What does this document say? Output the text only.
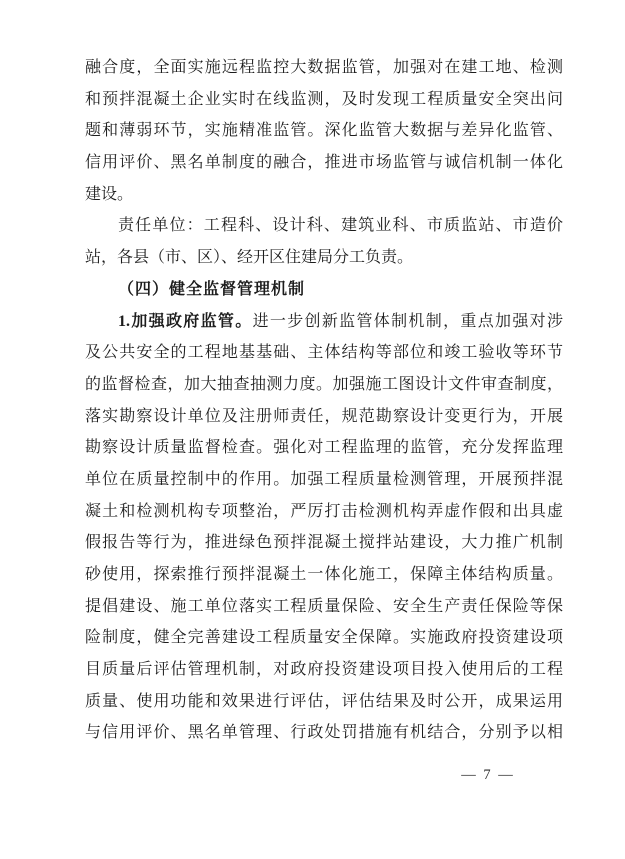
融合度，全面实施远程监控大数据监管，加强对在建工地、检测
和预拌混凝土企业实时在线监测，及时发现工程质量安全突出问
题和薄弱环节，实施精准监管。深化监管大数据与差异化监管、
信用评价、黑名单制度的融合，推进市场监管与诚信机制一体化
建设。
责任单位：工程科、设计科、建筑业科、市质监站、市造价
站，各县（市、区）、经开区住建局分工负责。
（四）健全监督管理机制
1.加强政府监管。进一步创新监管体制机制，重点加强对涉
及公共安全的工程地基基础、主体结构等部位和竣工验收等环节
的监督检查，加大抽查抽测力度。加强施工图设计文件审查制度，
落实勘察设计单位及注册师责任，规范勘察设计变更行为，开展
勘察设计质量监督检查。强化对工程监理的监管，充分发挥监理
单位在质量控制中的作用。加强工程质量检测管理，开展预拌混
凝土和检测机构专项整治，严厉打击检测机构弄虚作假和出具虚
假报告等行为，推进绿色预拌混凝土搅拌站建设，大力推广机制
砂使用，探索推行预拌混凝土一体化施工，保障主体结构质量。
提倡建设、施工单位落实工程质量保险、安全生产责任保险等保
险制度，健全完善建设工程质量安全保障。实施政府投资建设项
目质量后评估管理机制，对政府投资建设项目投入使用后的工程
质量、使用功能和效果进行评估，评估结果及时公开，成果运用
与信用评价、黑名单管理、行政处罚措施有机结合，分别予以相
— 7 —
